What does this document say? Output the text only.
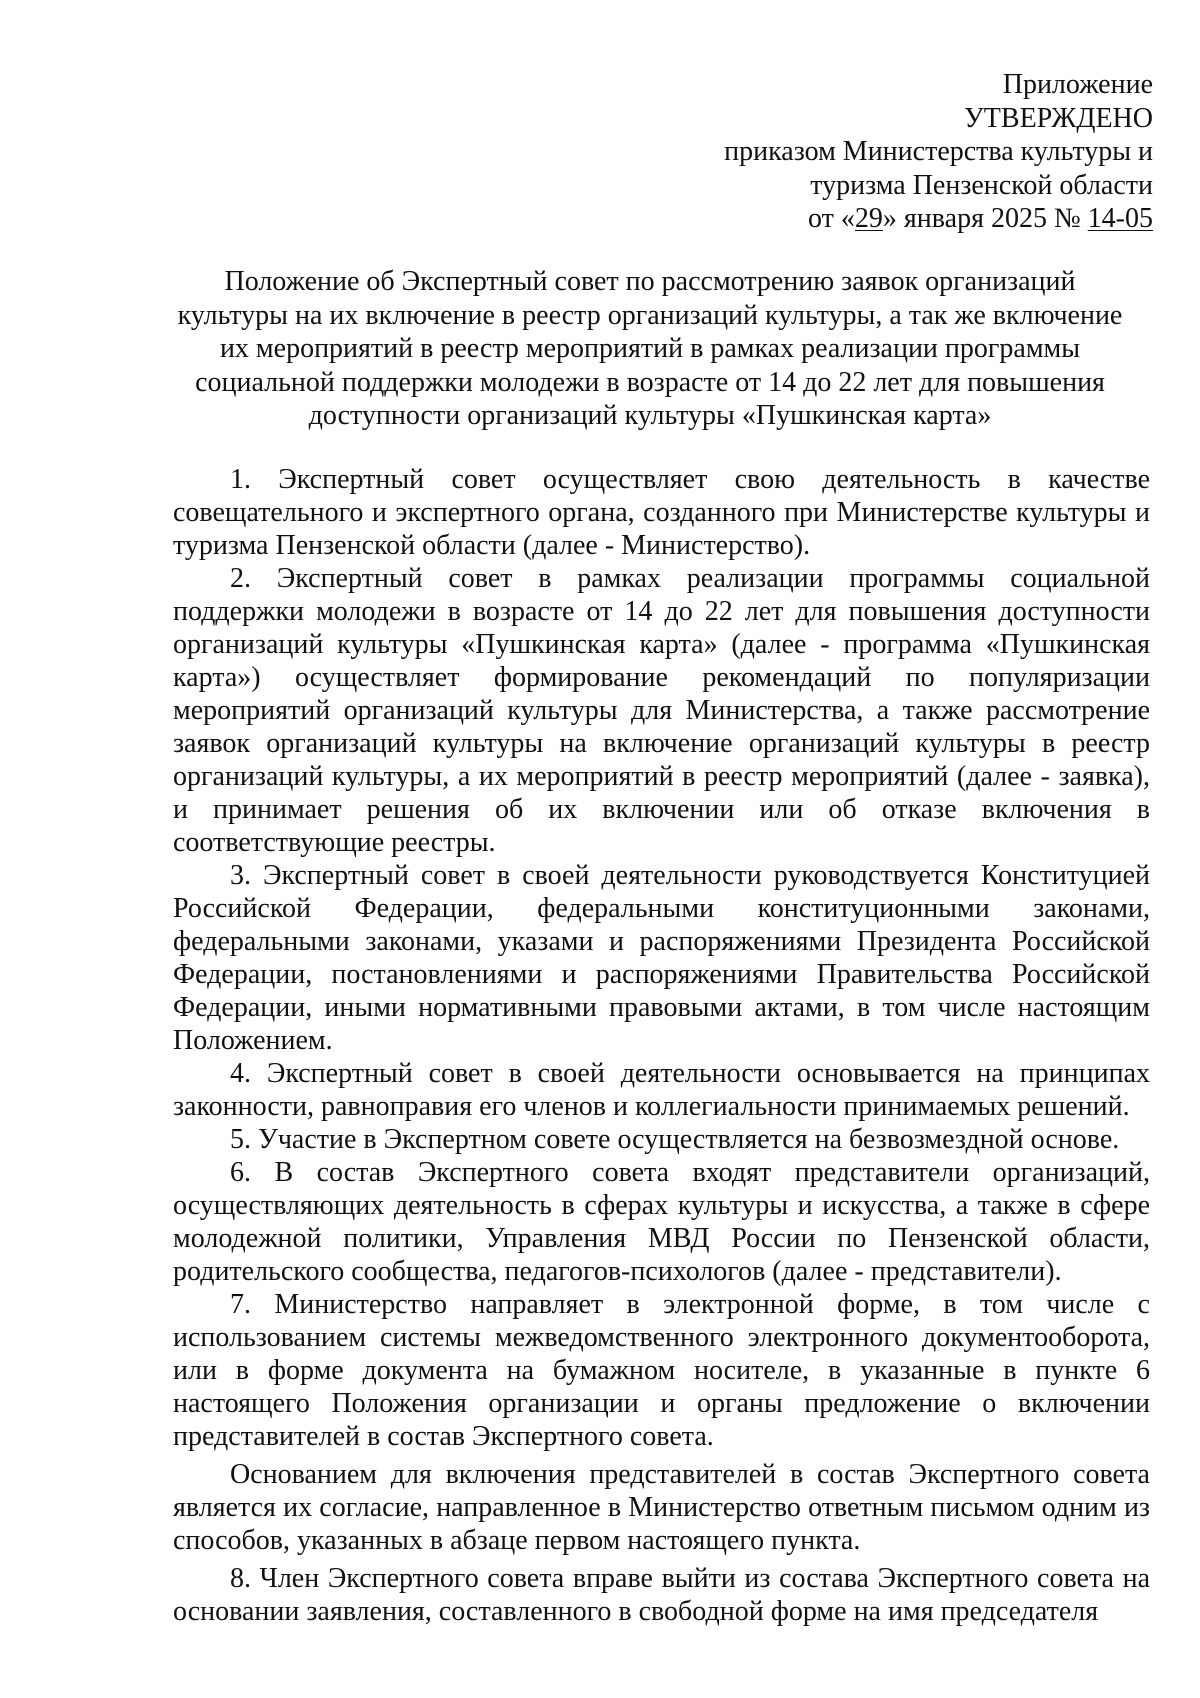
Приложение
УТВЕРЖДЕНО
приказом Министерства культуры и
туризма Пензенской области
от «29» января 2025 № 14-05
Положение об Экспертный совет по рассмотрению заявок организаций
культуры на их включение в реестр организаций культуры, а так же включение
их мероприятий в реестр мероприятий в рамках реализации программы
социальной поддержки молодежи в возрасте от 14 до 22 лет для повышения
доступности организаций культуры «Пушкинская карта»

1. Экспертный совет осуществляет свою деятельность в качестве совещательного и экспертного органа, созданного при Министерстве культуры и туризма Пензенской области (далее - Министерство).

2. Экспертный совет в рамках реализации программы социальной поддержки молодежи в возрасте от 14 до 22 лет для повышения доступности организаций культуры «Пушкинская карта» (далее - программа «Пушкинская карта») осуществляет формирование рекомендаций по популяризации мероприятий организаций культуры для Министерства, а также рассмотрение заявок организаций культуры на включение организаций культуры в реестр организаций культуры, а их мероприятий в реестр мероприятий (далее - заявка), и принимает решения об их включении или об отказе включения в соответствующие реестры.

3. Экспертный совет в своей деятельности руководствуется Конституцией Российской Федерации, федеральными конституционными законами, федеральными законами, указами и распоряжениями Президента Российской Федерации, постановлениями и распоряжениями Правительства Российской Федерации, иными нормативными правовыми актами, в том числе настоящим Положением.

4. Экспертный совет в своей деятельности основывается на принципах законности, равноправия его членов и коллегиальности принимаемых решений.

5. Участие в Экспертном совете осуществляется на безвозмездной основе.

6. В состав Экспертного совета входят представители организаций, осуществляющих деятельность в сферах культуры и искусства, а также в сфере молодежной политики, Управления МВД России по Пензенской области, родительского сообщества, педагогов-психологов (далее - представители).

7. Министерство направляет в электронной форме, в том числе с использованием системы межведомственного электронного документооборота, или в форме документа на бумажном носителе, в указанные в пункте 6 настоящего Положения организации и органы предложение о включении представителей в состав Экспертного совета.

Основанием для включения представителей в состав Экспертного совета является их согласие, направленное в Министерство ответным письмом одним из способов, указанных в абзаце первом настоящего пункта.

8. Член Экспертного совета вправе выйти из состава Экспертного совета на основании заявления, составленного в свободной форме на имя председателя
